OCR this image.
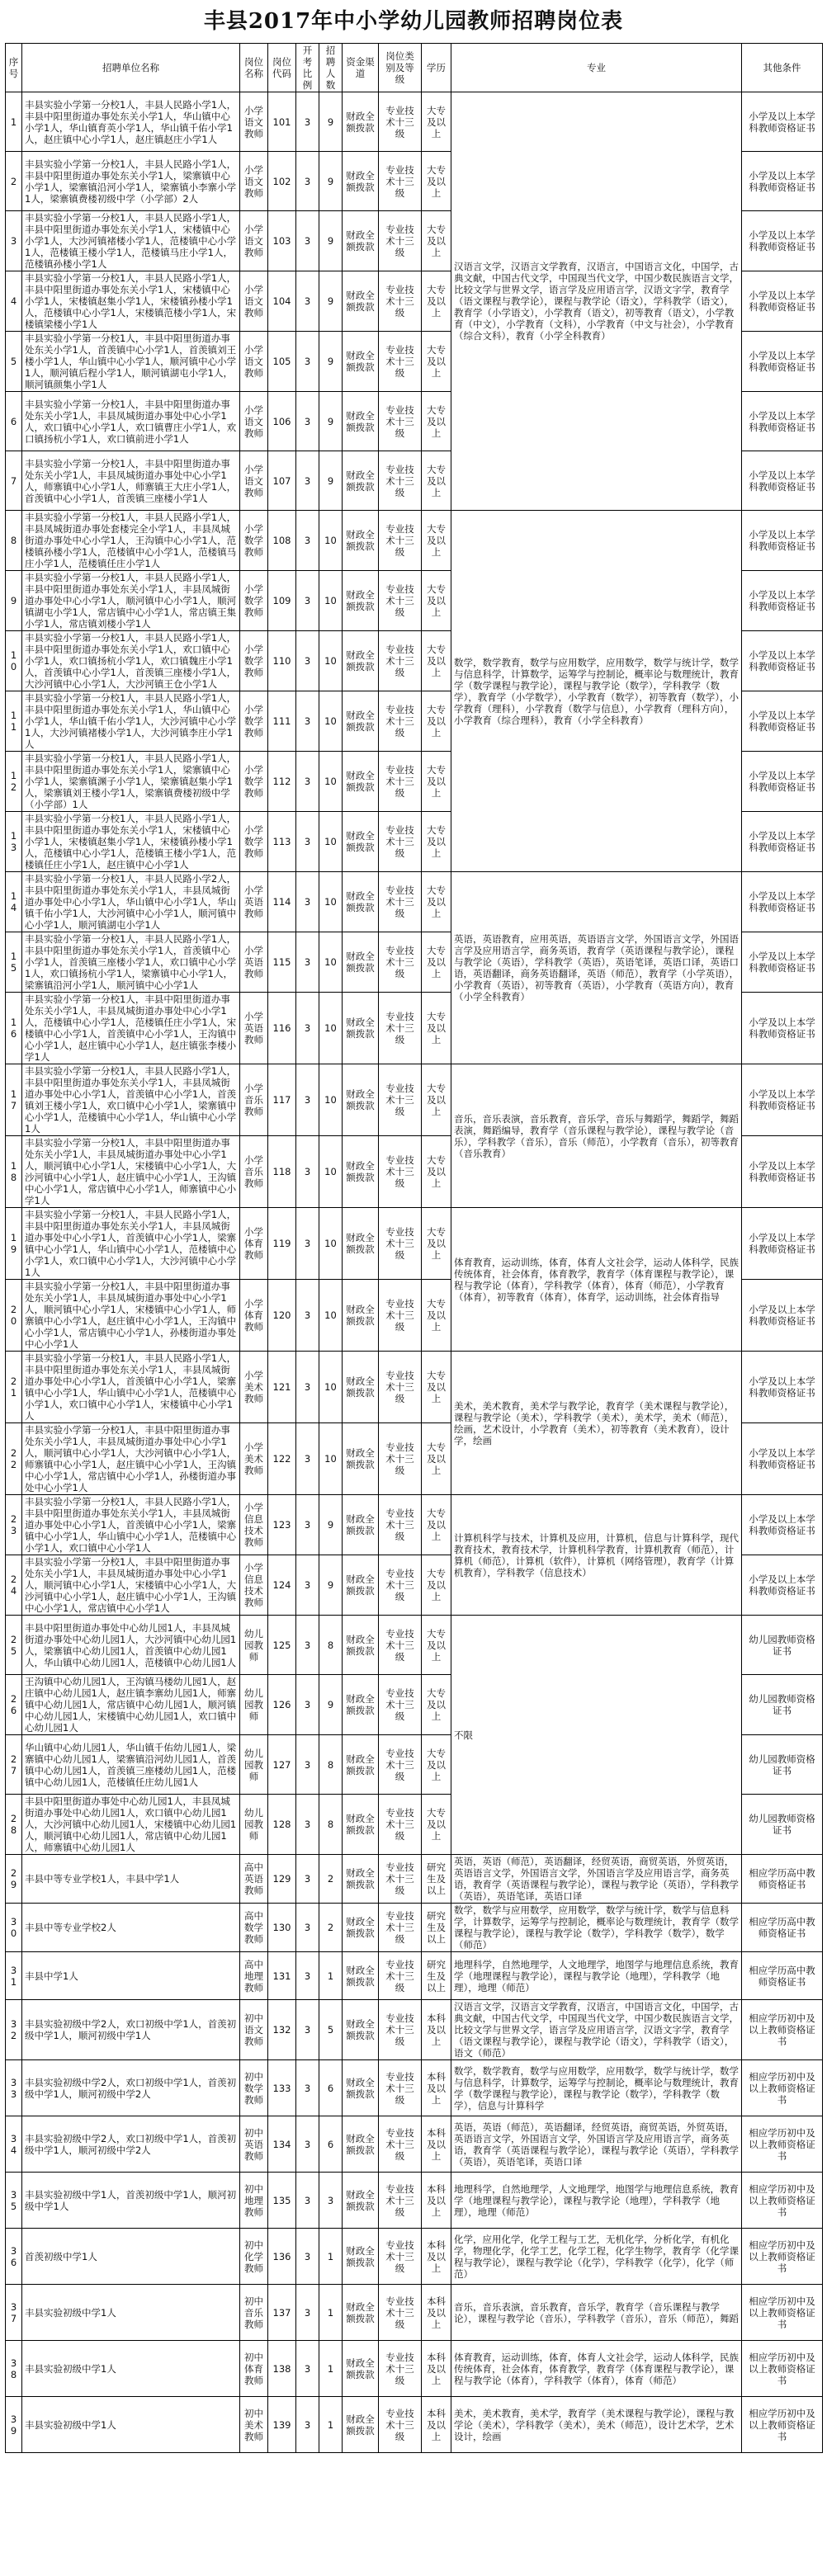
丰县2017年中小学幼儿园教师招聘岗位表
序号	招聘单位名称	岗位名称	岗位代码	开考比例	招聘人数	资金渠道	岗位类别及等级	学历	专业	其他条件
1	丰县实验小学第一分校1人，丰县人民路小学1人，丰县中阳里街道办事处东关小学1人，华山镇中心小学1人，华山镇育英小学1人，华山镇千佑小学1人，赵庄镇中心小学1人，赵庄镇赵庄小学1人	小学语文教师	101	3	9	财政全额拨款	专业技术十三级	大专及以上	汉语言文学，汉语言文学教育，汉语言，中国语言文化，中国学，古典文献，中国古代文学，中国现当代文学，中国少数民族语言文学，比较文学与世界文学，语言学及应用语言学，汉语文字学，教育学（语文课程与教学论），课程与教学论（语文），学科教学（语文），教育学（小学语文），小学教育（语文），初等教育（语文），小学教育（中文），小学教育（文科），小学教育（中文与社会），小学教育（综合文科），教育（小学全科教育）	小学及以上本学科教师资格证书
2	丰县实验小学第一分校1人，丰县人民路小学1人，丰县中阳里街道办事处东关小学1人，梁寨镇中心小学1人，梁寨镇沿河小学1人，梁寨镇小李寨小学1人，梁寨镇费楼初级中学（小学部）2人	小学语文教师	102	3	9	财政全额拨款	专业技术十三级	大专及以上		小学及以上本学科教师资格证书
3	丰县实验小学第一分校1人，丰县人民路小学1人，丰县中阳里街道办事处东关小学1人，宋楼镇中心小学1人，大沙河镇褚楼小学1人，范楼镇中心小学1人，范楼镇王楼小学1人，范楼镇马庄小学1人，范楼镇孙楼小学1人	小学语文教师	103	3	9	财政全额拨款	专业技术十三级	大专及以上		小学及以上本学科教师资格证书
4	丰县实验小学第一分校1人，丰县人民路小学1人，丰县中阳里街道办事处东关小学1人，宋楼镇中心小学1人，宋楼镇赵集小学1人，宋楼镇孙楼小学1人，范楼镇中心小学1人，宋楼镇范楼小学1人，宋楼镇梁楼小学1人	小学语文教师	104	3	9	财政全额拨款	专业技术十三级	大专及以上		小学及以上本学科教师资格证书
5	丰县实验小学第一分校1人，丰县中阳里街道办事处东关小学1人，首羡镇中心小学1人，首羡镇刘王楼小学1人，华山镇中心小学1人，顺河镇中心小学1人，顺河镇后程小学1人，顺河镇湖屯小学1人，顺河镇颜集小学1人	小学语文教师	105	3	9	财政全额拨款	专业技术十三级	大专及以上		小学及以上本学科教师资格证书
6	丰县实验小学第一分校1人，丰县中阳里街道办事处东关小学1人，丰县凤城街道办事处中心小学1人，欢口镇中心小学1人，欢口镇曹庄小学1人，欢口镇扬杭小学1人，欢口镇前进小学1人	小学语文教师	106	3	9	财政全额拨款	专业技术十三级	大专及以上		小学及以上本学科教师资格证书
7	丰县实验小学第一分校1人，丰县中阳里街道办事处东关小学1人，丰县凤城街道办事处中心小学1人，师寨镇中心小学1人，师寨镇王大庄小学1人，首羡镇中心小学1人，首羡镇三座楼小学1人	小学语文教师	107	3	9	财政全额拨款	专业技术十三级	大专及以上		小学及以上本学科教师资格证书
8	丰县实验小学第一分校1人，丰县人民路小学1人，丰县凤城街道办事处套楼完全小学1人，丰县凤城街道办事处中心小学1人，王沟镇中心小学1人，范楼镇孙楼小学1人，范楼镇中心小学1人，范楼镇马庄小学1人，范楼镇任庄小学1人	小学数学教师	108	3	10	财政全额拨款	专业技术十三级	大专及以上	数学，数学教育，数学与应用数学，应用数学，数学与统计学，数学与信息科学，计算数学，运筹学与控制论，概率论与数理统计，教育学（数学课程与教学论），课程与教学论（数学），学科教学（数学），教育学（小学数学），小学教育（数学），初等教育（数学），小学教育（理科），小学教育（数学与信息），小学教育（理科方向），小学教育（综合理科），教育（小学全科教育）	小学及以上本学科教师资格证书
9	丰县实验小学第一分校1人，丰县人民路小学1人，丰县中阳里街道办事处东关小学1人，丰县凤城街道办事处中心小学1人，顺河镇中心小学1人，顺河镇湖屯小学1人，常店镇中心小学1人，常店镇王集小学1人，常店镇刘楼小学1人	小学数学教师	109	3	10	财政全额拨款	专业技术十三级	大专及以上		小学及以上本学科教师资格证书
10	丰县实验小学第一分校1人，丰县人民路小学1人，丰县中阳里街道办事处东关小学1人，欢口镇中心小学1人，欢口镇扬杭小学1人，欢口镇魏庄小学1人，首羡镇中心小学1人，首羡镇三座楼小学1人，大沙河镇中心小学1人，大沙河镇王仓小学1人	小学数学教师	110	3	10	财政全额拨款	专业技术十三级	大专及以上		小学及以上本学科教师资格证书
11	丰县实验小学第一分校1人，丰县人民路小学1人，丰县中阳里街道办事处东关小学1人，华山镇中心小学1人，华山镇千佑小学1人，大沙河镇中心小学1人，大沙河镇褚楼小学1人，大沙河镇李庄小学1人	小学数学教师	111	3	10	财政全额拨款	专业技术十三级	大专及以上		小学及以上本学科教师资格证书
12	丰县实验小学第一分校1人，丰县人民路小学1人，丰县中阳里街道办事处东关小学1人，梁寨镇中心小学1人，梁寨镇渊子小学1人，梁寨镇赵集小学1人，梁寨镇刘王楼小学1人，梁寨镇费楼初级中学（小学部）1人	小学数学教师	112	3	10	财政全额拨款	专业技术十三级	大专及以上		小学及以上本学科教师资格证书
13	丰县实验小学第一分校1人，丰县人民路小学1人，丰县中阳里街道办事处东关小学1人，宋楼镇中心小学1人，宋楼镇赵集小学1人，宋楼镇孙楼小学1人，范楼镇中心小学1人，范楼镇王楼小学1人，范楼镇任庄小学1人，赵庄镇中心小学1人	小学数学教师	113	3	10	财政全额拨款	专业技术十三级	大专及以上		小学及以上本学科教师资格证书
14	丰县实验小学第一分校1人，丰县人民路小学2人，丰县中阳里街道办事处东关小学1人，丰县凤城街道办事处中心小学1人，华山镇中心小学1人，华山镇千佑小学1人，大沙河镇中心小学1人，顺河镇中心小学1人，顺河镇湖屯小学1人	小学英语教师	114	3	10	财政全额拨款	专业技术十三级	大专及以上	英语，英语教育，应用英语，英语语言文学，外国语言文学，外国语言学及应用语言学，商务英语，教育学（英语课程与教学论），课程与教学论（英语），学科教学（英语），英语笔译，英语口译，英语口语，英语翻译，商务英语翻译，英语（师范），教育学（小学英语），小学教育（英语），初等教育（英语），小学教育（英语方向），教育（小学全科教育）	小学及以上本学科教师资格证书
15	丰县实验小学第一分校1人，丰县人民路小学1人，丰县中阳里街道办事处东关小学1人，首羡镇中心小学1人，首羡镇三座楼小学1人，欢口镇中心小学1人，欢口镇扬杭小学1人，梁寨镇中心小学1人，梁寨镇沿河小学1人，顺河镇中心小学1人	小学英语教师	115	3	10	财政全额拨款	专业技术十三级	大专及以上		小学及以上本学科教师资格证书
16	丰县实验小学第一分校1人，丰县中阳里街道办事处东关小学1人，丰县凤城街道办事处中心小学1人，范楼镇中心小学1人，范楼镇任庄小学1人，宋楼镇中心小学1人，首羡镇中心小学1人，王沟镇中心小学1人，赵庄镇中心小学1人，赵庄镇张李楼小学1人	小学英语教师	116	3	10	财政全额拨款	专业技术十三级	大专及以上		小学及以上本学科教师资格证书
17	丰县实验小学第一分校1人，丰县人民路小学1人，丰县中阳里街道办事处东关小学1人，丰县凤城街道办事处中心小学1人，首羡镇中心小学1人，首羡镇刘王楼小学1人，欢口镇中心小学1人，梁寨镇中心小学1人，范楼镇中心小学1人，华山镇中心小学1人	小学音乐教师	117	3	10	财政全额拨款	专业技术十三级	大专及以上	音乐，音乐表演，音乐教育，音乐学，音乐与舞蹈学，舞蹈学，舞蹈表演，舞蹈编导，教育学（音乐课程与教学论），课程与教学论（音乐），学科教学（音乐），音乐（师范），小学教育（音乐），初等教育（音乐教育）	小学及以上本学科教师资格证书
18	丰县实验小学第一分校1人，丰县中阳里街道办事处东关小学1人，丰县凤城街道办事处中心小学1人，顺河镇中心小学1人，宋楼镇中心小学1人，大沙河镇中心小学1人，赵庄镇中心小学1人，王沟镇中心小学1人，常店镇中心小学1人，师寨镇中心小学1人	小学音乐教师	118	3	10	财政全额拨款	专业技术十三级	大专及以上		小学及以上本学科教师资格证书
19	丰县实验小学第一分校1人，丰县人民路小学1人，丰县中阳里街道办事处东关小学1人，丰县凤城街道办事处中心小学1人，首羡镇中心小学1人，梁寨镇中心小学1人，华山镇中心小学1人，范楼镇中心小学1人，欢口镇中心小学1人，大沙河镇中心小学1人	小学体育教师	119	3	10	财政全额拨款	专业技术十三级	大专及以上	体育教育，运动训练，体育，体育人文社会学，运动人体科学，民族传统体育，社会体育，体育教学，教育学（体育课程与教学论），课程与教学论（体育），学科教学（体育），体育（师范），小学教育（体育），初等教育（体育），体育学，运动训练，社会体育指导	小学及以上本学科教师资格证书
20	丰县实验小学第一分校1人，丰县中阳里街道办事处东关小学1人，丰县凤城街道办事处中心小学1人，顺河镇中心小学1人，宋楼镇中心小学1人，师寨镇中心小学1人，赵庄镇中心小学1人，王沟镇中心小学1人，常店镇中心小学1人，孙楼街道办事处中心小学1人	小学体育教师	120	3	10	财政全额拨款	专业技术十三级	大专及以上		小学及以上本学科教师资格证书
21	丰县实验小学第一分校1人，丰县人民路小学1人，丰县中阳里街道办事处东关小学1人，丰县凤城街道办事处中心小学1人，首羡镇中心小学1人，梁寨镇中心小学1人，华山镇中心小学1人，范楼镇中心小学1人，欢口镇中心小学1人，宋楼镇中心小学1人	小学美术教师	121	3	10	财政全额拨款	专业技术十三级	大专及以上	美术，美术教育，美术学与教学论，教育学（美术课程与教学论），课程与教学论（美术），学科教学（美术），美术学，美术（师范），绘画，艺术设计，小学教育（美术），初等教育（美术教育），设计学，绘画	小学及以上本学科教师资格证书
22	丰县实验小学第一分校1人，丰县中阳里街道办事处东关小学1人，丰县凤城街道办事处中心小学1人，顺河镇中心小学1人，大沙河镇中心小学1人，师寨镇中心小学1人，赵庄镇中心小学1人，王沟镇中心小学1人，常店镇中心小学1人，孙楼街道办事处中心小学1人	小学美术教师	122	3	10	财政全额拨款	专业技术十三级	大专及以上		小学及以上本学科教师资格证书
23	丰县实验小学第一分校1人，丰县人民路小学1人，丰县中阳里街道办事处东关小学1人，丰县凤城街道办事处中心小学1人，首羡镇中心小学1人，梁寨镇中心小学1人，华山镇中心小学1人，范楼镇中心小学1人，欢口镇中心小学1人	小学信息技术教师	123	3	9	财政全额拨款	专业技术十三级	大专及以上	计算机科学与技术，计算机及应用，计算机，信息与计算科学，现代教育技术，教育技术学，计算机科学教育，计算机教育（师范），计算机（师范），计算机（软件），计算机（网络管理），教育学（计算机教育），学科教学（信息技术）	小学及以上本学科教师资格证书
24	丰县实验小学第一分校1人，丰县中阳里街道办事处东关小学1人，丰县凤城街道办事处中心小学1人，顺河镇中心小学1人，宋楼镇中心小学1人，大沙河镇中心小学1人，赵庄镇中心小学1人，王沟镇中心小学1人，常店镇中心小学1人	小学信息技术教师	124	3	9	财政全额拨款	专业技术十三级	大专及以上		小学及以上本学科教师资格证书
25	丰县中阳里街道办事处中心幼儿园1人，丰县凤城街道办事处中心幼儿园1人，大沙河镇中心幼儿园1人，梁寨镇中心幼儿园1人，首羡镇中心幼儿园1人，华山镇中心幼儿园1人，范楼镇中心幼儿园1人	幼儿园教师	125	3	8	财政全额拨款	专业技术十三级	大专及以上	不限	幼儿园教师资格证书
26	王沟镇中心幼儿园1人，王沟镇马楼幼儿园1人，赵庄镇中心幼儿园1人，赵庄镇李寨幼儿园1人，师寨镇中心幼儿园1人，常店镇中心幼儿园1人，顺河镇中心幼儿园1人，宋楼镇中心幼儿园1人，欢口镇中心幼儿园1人	幼儿园教师	126	3	9	财政全额拨款	专业技术十三级	大专及以上		幼儿园教师资格证书
27	华山镇中心幼儿园1人，华山镇千佑幼儿园1人，梁寨镇中心幼儿园1人，梁寨镇沿河幼儿园1人，首羡镇中心幼儿园1人，首羡镇三座楼幼儿园1人，范楼镇中心幼儿园1人，范楼镇任庄幼儿园1人	幼儿园教师	127	3	8	财政全额拨款	专业技术十三级	大专及以上		幼儿园教师资格证书
28	丰县中阳里街道办事处中心幼儿园1人，丰县凤城街道办事处中心幼儿园1人，欢口镇中心幼儿园1人，大沙河镇中心幼儿园1人，宋楼镇中心幼儿园1人，顺河镇中心幼儿园1人，常店镇中心幼儿园1人，师寨镇中心幼儿园1人	幼儿园教师	128	3	8	财政全额拨款	专业技术十三级	大专及以上		幼儿园教师资格证书
29	丰县中等专业学校1人，丰县中学1人	高中英语教师	129	3	2	财政全额拨款	专业技术十三级	研究生及以上	英语，英语（师范），英语翻译，经贸英语，商贸英语，外贸英语，英语语言文学，外国语言文学，外国语言学及应用语言学，商务英语，教育学（英语课程与教学论），课程与教学论（英语），学科教学（英语），英语笔译，英语口译	相应学历高中教师资格证书
30	丰县中等专业学校2人	高中数学教师	130	3	2	财政全额拨款	专业技术十三级	研究生及以上	数学，数学与应用数学，应用数学，数学与统计学，数学与信息科学，计算数学，运筹学与控制论，概率论与数理统计，教育学（数学课程与教学论），课程与教学论（数学），学科教学（数学），数学（师范）	相应学历高中教师资格证书
31	丰县中学1人	高中地理教师	131	3	1	财政全额拨款	专业技术十三级	研究生及以上	地理科学，自然地理学，人文地理学，地图学与地理信息系统，教育学（地理课程与教学论），课程与教学论（地理），学科教学（地理），地理（师范）	相应学历高中教师资格证书
32	丰县实验初级中学2人，欢口初级中学1人，首羡初级中学1人，顺河初级中学1人	初中语文教师	132	3	5	财政全额拨款	专业技术十三级	本科及以上	汉语言文学，汉语言文学教育，汉语言，中国语言文化，中国学，古典文献，中国古代文学，中国现当代文学，中国少数民族语言文学，比较文学与世界文学，语言学及应用语言学，汉语文字学，教育学（语文课程与教学论），课程与教学论（语文），学科教学（语文），语文（师范）	相应学历初中及以上教师资格证书
33	丰县实验初级中学2人，欢口初级中学1人，首羡初级中学1人，顺河初级中学2人	初中数学教师	133	3	6	财政全额拨款	专业技术十三级	本科及以上	数学，数学教育，数学与应用数学，应用数学，数学与统计学，数学与信息科学，计算数学，运筹学与控制论，概率论与数理统计，教育学（数学课程与教学论），课程与教学论（数学），学科教学（数学），信息与计算科学	相应学历初中及以上教师资格证书
34	丰县实验初级中学2人，欢口初级中学1人，首羡初级中学1人，顺河初级中学2人	初中英语教师	134	3	6	财政全额拨款	专业技术十三级	本科及以上	英语，英语（师范），英语翻译，经贸英语，商贸英语，外贸英语，英语语言文学，外国语言文学，外国语言学及应用语言学，商务英语，教育学（英语课程与教学论），课程与教学论（英语），学科教学（英语），英语笔译，英语口译	相应学历初中及以上教师资格证书
35	丰县实验初级中学1人，首羡初级中学1人，顺河初级中学1人	初中地理教师	135	3	3	财政全额拨款	专业技术十三级	本科及以上	地理科学，自然地理学，人文地理学，地图学与地理信息系统，教育学（地理课程与教学论），课程与教学论（地理），学科教学（地理），地理（师范）	相应学历初中及以上教师资格证书
36	首羡初级中学1人	初中化学教师	136	3	1	财政全额拨款	专业技术十三级	本科及以上	化学，应用化学，化学工程与工艺，无机化学，分析化学，有机化学，物理化学，化学工艺，化学工程，化学生物学，教育学（化学课程与教学论），课程与教学论（化学），学科教学（化学），化学（师范）	相应学历初中及以上教师资格证书
37	丰县实验初级中学1人	初中音乐教师	137	3	1	财政全额拨款	专业技术十三级	本科及以上	音乐，音乐表演，音乐教育，音乐学，教育学（音乐课程与教学论），课程与教学论（音乐），学科教学（音乐），音乐（师范），舞蹈	相应学历初中及以上教师资格证书
38	丰县实验初级中学1人	初中体育教师	138	3	1	财政全额拨款	专业技术十三级	本科及以上	体育教育，运动训练，体育，体育人文社会学，运动人体科学，民族传统体育，社会体育，体育教学，教育学（体育课程与教学论），课程与教学论（体育），学科教学（体育），体育（师范）	相应学历初中及以上教师资格证书
39	丰县实验初级中学1人	初中美术教师	139	3	1	财政全额拨款	专业技术十三级	本科及以上	美术，美术教育，美术学，教育学（美术课程与教学论），课程与教学论（美术），学科教学（美术），美术（师范），设计艺术学，艺术设计，绘画	相应学历初中及以上教师资格证书
